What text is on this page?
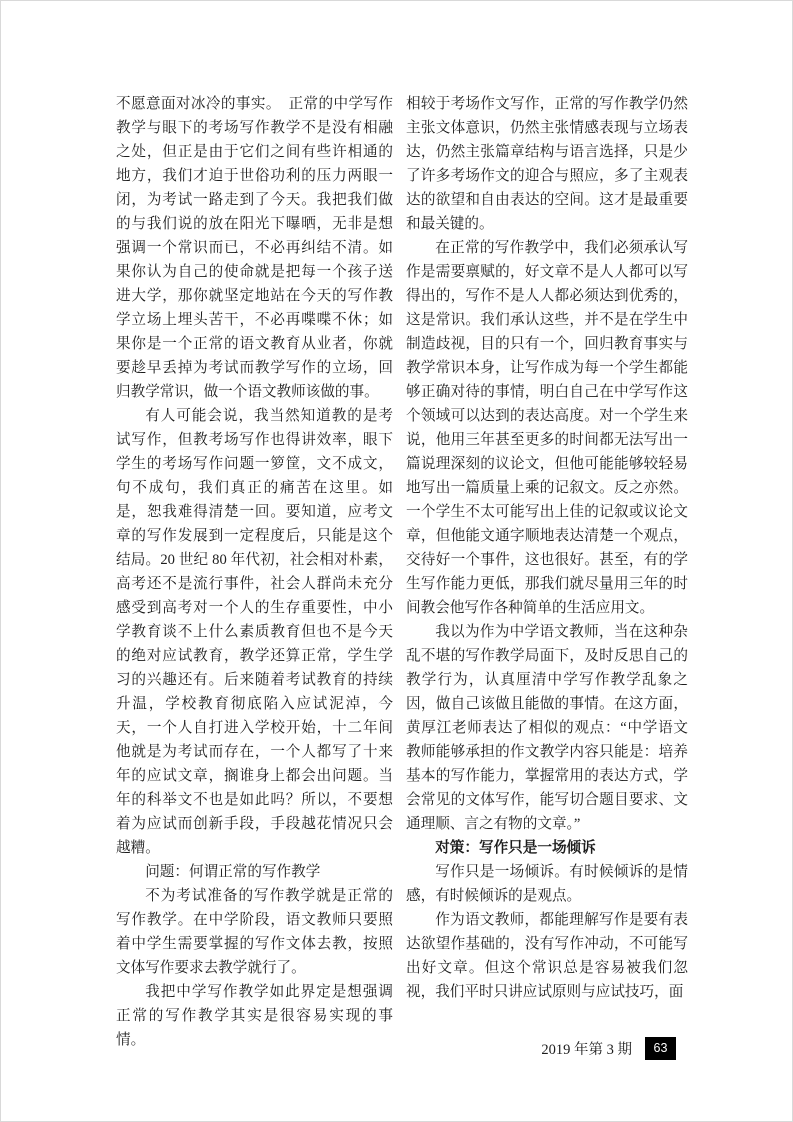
不愿意面对冰冷的事实。　正常的中学写作教学与眼下的考场写作教学不是没有相融之处，但正是由于它们之间有些许相通的地方，我们才迫于世俗功利的压力两眼一闭，为考试一路走到了今天。我把我们做的与我们说的放在阳光下曝晒，无非是想强调一个常识而已，不必再纠结不清。如果你认为自己的使命就是把每一个孩子送进大学，那你就坚定地站在今天的写作教学立场上埋头苦干，不必再喋喋不休；如果你是一个正常的语文教育从业者，你就要趁早丢掉为考试而教学写作的立场，回归教学常识，做一个语文教师该做的事。

有人可能会说，我当然知道教的是考试写作，但教考场写作也得讲效率，眼下学生的考场写作问题一箩筐，文不成文，句不成句，我们真正的痛苦在这里。如是，恕我难得清楚一回。要知道，应考文章的写作发展到一定程度后，只能是这个结局。20 世纪 80 年代初，社会相对朴素，高考还不是流行事件，社会人群尚未充分感受到高考对一个人的生存重要性，中小学教育谈不上什么素质教育但也不是今天的绝对应试教育，教学还算正常，学生学习的兴趣还有。后来随着考试教育的持续升温，学校教育彻底陷入应试泥淖，今天，一个人自打进入学校开始，十二年间他就是为考试而存在，一个人都写了十来年的应试文章，搁谁身上都会出问题。当年的科举文不也是如此吗？所以，不要想着为应试而创新手段，手段越花情况只会越糟。

问题：何谓正常的写作教学

不为考试准备的写作教学就是正常的写作教学。在中学阶段，语文教师只要照着中学生需要掌握的写作文体去教，按照文体写作要求去教学就行了。

我把中学写作教学如此界定是想强调正常的写作教学其实是很容易实现的事情。

相较于考场作文写作，正常的写作教学仍然主张文体意识，仍然主张情感表现与立场表达，仍然主张篇章结构与语言选择，只是少了许多考场作文的迎合与照应，多了主观表达的欲望和自由表达的空间。这才是最重要和最关键的。

在正常的写作教学中，我们必须承认写作是需要禀赋的，好文章不是人人都可以写得出的，写作不是人人都必须达到优秀的，这是常识。我们承认这些，并不是在学生中制造歧视，目的只有一个，回归教育事实与教学常识本身，让写作成为每一个学生都能够正确对待的事情，明白自己在中学写作这个领域可以达到的表达高度。对一个学生来说，他用三年甚至更多的时间都无法写出一篇说理深刻的议论文，但他可能能够较轻易地写出一篇质量上乘的记叙文。反之亦然。一个学生不太可能写出上佳的记叙或议论文章，但他能文通字顺地表达清楚一个观点，交待好一个事件，这也很好。甚至，有的学生写作能力更低，那我们就尽量用三年的时间教会他写作各种简单的生活应用文。

我以为作为中学语文教师，当在这种杂乱不堪的写作教学局面下，及时反思自己的教学行为，认真厘清中学写作教学乱象之因，做自己该做且能做的事情。在这方面，黄厚江老师表达了相似的观点：“中学语文教师能够承担的作文教学内容只能是：培养基本的写作能力，掌握常用的表达方式，学会常见的文体写作，能写切合题目要求、文通理顺、言之有物的文章。”

对策：写作只是一场倾诉

写作只是一场倾诉。有时候倾诉的是情感，有时候倾诉的是观点。

作为语文教师，都能理解写作是要有表达欲望作基础的，没有写作冲动，不可能写出好文章。但这个常识总是容易被我们忽视，我们平时只讲应试原则与应试技巧，面

2019 年第 3 期	63
